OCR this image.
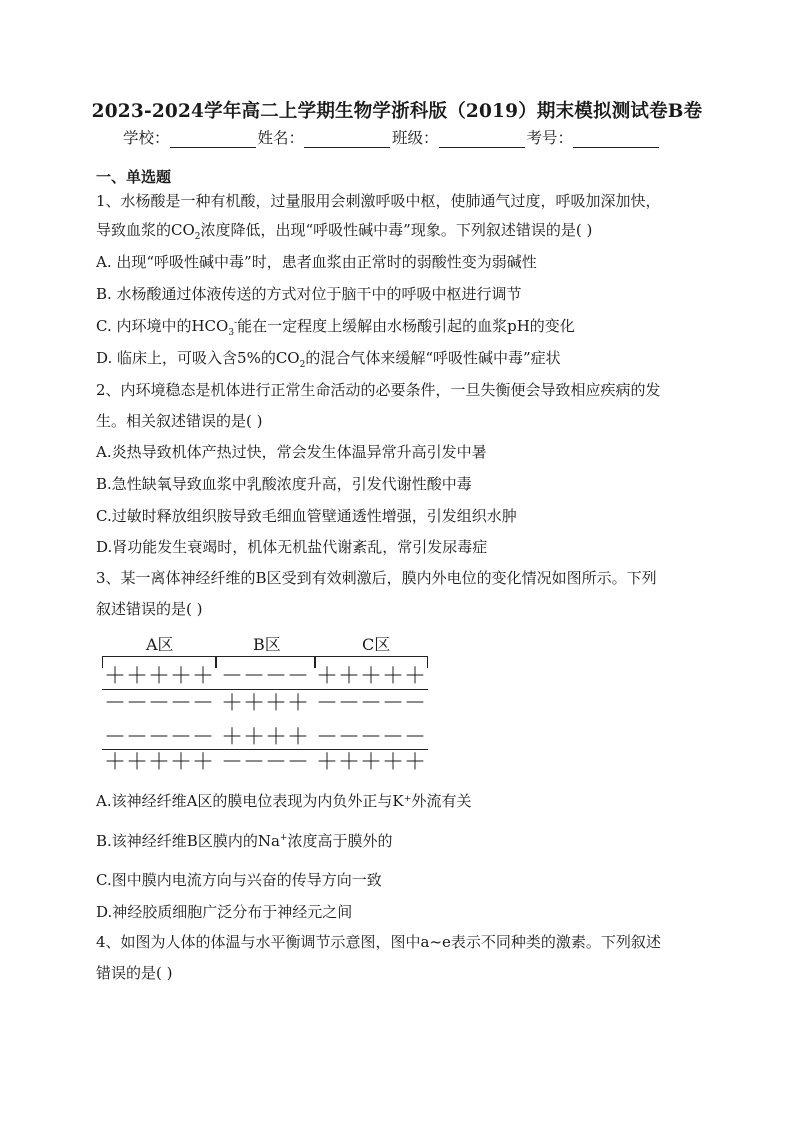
2023-2024学年高二上学期生物学浙科版（2019）期末模拟测试卷B卷
学校：	姓名：	班级：	考号：
一、单选题
1、水杨酸是一种有机酸，过量服用会刺激呼吸中枢，使肺通气过度，呼吸加深加快，
导致血浆的$CO_2$浓度降低，出现“呼吸性碱中毒”现象。下列叙述错误的是( )
A. 出现“呼吸性碱中毒”时，患者血浆由正常时的弱酸性变为弱碱性
B. 水杨酸通过体液传送的方式对位于脑干中的呼吸中枢进行调节
C. 内环境中的$HCO_3^-$能在一定程度上缓解由水杨酸引起的血浆pH的变化
D. 临床上，可吸入含5%的$CO_2$的混合气体来缓解“呼吸性碱中毒”症状
2、内环境稳态是机体进行正常生命活动的必要条件，一旦失衡便会导致相应疾病的发
生。相关叙述错误的是( )
A.炎热导致机体产热过快，常会发生体温异常升高引发中暑
B.急性缺氧导致血浆中乳酸浓度升高，引发代谢性酸中毒
C.过敏时释放组织胺导致毛细血管壁通透性增强，引发组织水肿
D.肾功能发生衰竭时，机体无机盐代谢紊乱，常引发尿毒症
3、某一离体神经纤维的B区受到有效刺激后，膜内外电位的变化情况如图所示。下列
叙述错误的是( )
A区	B区	C区
＋＋＋＋＋ －－－－ ＋＋＋＋＋
－－－－－ ＋＋＋＋ －－－－－
－－－－－ ＋＋＋＋ －－－－－
＋＋＋＋＋ －－－－ ＋＋＋＋＋
A.该神经纤维A区的膜电位表现为内负外正与K⁺外流有关
B.该神经纤维B区膜内的Na+浓度高于膜外的
C.图中膜内电流方向与兴奋的传导方向一致
D.神经胶质细胞广泛分布于神经元之间
4、如图为人体的体温与水平衡调节示意图，图中a~e表示不同种类的激素。下列叙述
错误的是( )
